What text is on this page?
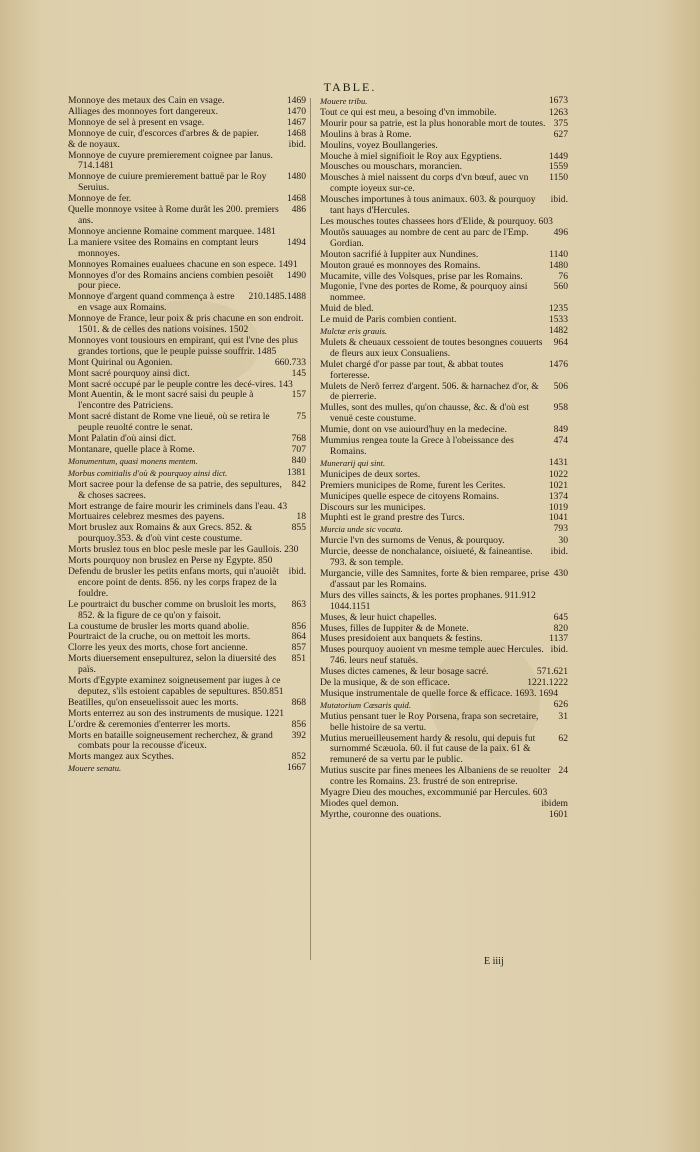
TABLE.
1469
Monnoye des metaux des Cain en vsage.
1470
Alliages des monnoyes fort dangereux.
1467
Monnoye de sel à present en vsage.
1468
Monnoye de cuir, d'escorces d'arbres & de papier.
ibid.
& de noyaux.
Monnoye de cuyure premierement coignee par Ianus. 714.1481
1480
Monnoye de cuiure premierement battuë par le Roy Seruius.
1468
Monnoye de fer.
486
Quelle monnoye vsitee à Rome durãt les 200. premiers ans.
Monnoye ancienne Romaine comment marquee. 1481
1494
La maniere vsitee des Romains en comptant leurs monnoyes.
Monnoyes Romaines eualuees chacune en son espece. 1491
1490
Monnoyes d'or des Romains anciens combien pesoiẽt pour piece.
210.1485.1488
Monnoye d'argent quand commença à estre en vsage aux Romains.
Monnoye de France, leur poix & pris chacune en son endroit. 1501. & de celles des nations voisines. 1502
Monnoyes vont tousiours en empirant, qui est l'vne des plus grandes tortions, que le peuple puisse souffrir. 1485
660.733
Mont Quirinal ou Agonien.
145
Mont sacré pourquoy ainsi dict.
Mont sacré occupé par le peuple contre les decé-vires. 143
157
Mont Auentin, & le mont sacré saisi du peuple à l'encontre des Patriciens.
75
Mont sacré distant de Rome vne lieuë, où se retira le peuple reuolté contre le senat.
768
Mont Palatin d'où ainsi dict.
707
Montanare, quelle place à Rome.
840
Monumentum, quasi monens mentem.
1381
Morbus comitialis d'où & pourquoy ainsi dict.
842
Mort sacree pour la defense de sa patrie, des sepultures, & choses sacrees.
Mort estrange de faire mourir les criminels dans l'eau. 43
18
Mortuaires celebrez mesmes des payens.
855
Mort bruslez aux Romains & aux Grecs. 852. & pourquoy.353. & d'où vint ceste coustume.
Morts bruslez tous en bloc pesle mesle par les Gaullois. 230
Morts pourquoy non bruslez en Perse ny Egypte. 850
ibid.
Defendu de brusler les petits enfans morts, qui n'auoiẽt encore point de dents. 856. ny les corps frapez de la fouldre.
863
Le pourtraict du buscher comme on brusloit les morts, 852. & la figure de ce qu'on y faisoit.
856
La coustume de brusler les morts quand abolie.
864
Pourtraict de la cruche, ou on mettoit les morts.
857
Clorre les yeux des morts, chose fort ancienne.
851
Morts diuersement ensepulturez, selon la diuersité des païs.
Morts d'Egypte examinez soigneusement par iuges à ce deputez, s'ils estoient capables de sepultures. 850.851
868
Beatilles, qu'on enseuelissoit auec les morts.
Morts enterrez au son des instruments de musique. 1221
856
L'ordre & ceremonies d'enterrer les morts.
392
Morts en bataille soigneusement recherchez, & grand combats pour la recousse d'iceux.
852
Morts mangez aux Scythes.
1667
Mouere senatu.
1673
Mouere tribu.
1263
Tout ce qui est meu, a besoing d'vn immobile.
375
Mourir pour sa patrie, est la plus honorable mort de toutes.
627
Moulins à bras à Rome.
Moulins, voyez Boullangeries.
1449
Mouche à miel signifioit le Roy aux Egyptiens.
1559
Mousches ou mouschars, morancien.
1150
Mousches à miel naissent du corps d'vn bœuf, auec vn compte ioyeux sur-ce.
ibid.
Mousches importunes à tous animaux. 603. & pourquoy tant hays d'Hercules.
Les mousches toutes chassees hors d'Elide, & pourquoy. 603
496
Moutõs sauuages au nombre de cent au parc de l'Emp. Gordian.
1140
Mouton sacrifié à Iuppiter aux Nundines.
1480
Mouton graué es monnoyes des Romains.
76
Mucamite, ville des Volsques, prise par les Romains.
560
Mugonie, l'vne des portes de Rome, & pourquoy ainsi nommee.
1235
Muid de bled.
1533
Le muid de Paris combien contient.
1482
Mulctæ eris grauis.
964
Mulets & cheuaux cessoient de toutes besongnes couuerts de fleurs aux ieux Consualiens.
1476
Mulet chargé d'or passe par tout, & abbat toutes forteresse.
506
Mulets de Nerõ ferrez d'argent. 506. & harnachez d'or, & de pierrerie.
958
Mulles, sont des mulles, qu'on chausse, &c. & d'où est venuë ceste coustume.
849
Mumie, dont on vse auiourd'huy en la medecine.
474
Mummius rengea toute la Grece à l'obeissance des Romains.
1431
Munerarij qui sint.
1022
Municipes de deux sortes.
1021
Premiers municipes de Rome, furent les Cerites.
1374
Municipes quelle espece de citoyens Romains.
1019
Discours sur les municipes.
1041
Muphti est le grand prestre des Turcs.
793
Murcia unde sic vocata.
30
Murcie l'vn des surnoms de Venus, & pourquoy.
ibid.
Murcie, deesse de nonchalance, oisiueté, & faineantise. 793. & son temple.
430
Murgancie, ville des Samnites, forte & bien remparee, prise d'assaut par les Romains.
Murs des villes saincts, & les portes prophanes. 911.912 1044.1151
645
Muses, & leur huict chapelles.
820
Muses, filles de Iuppiter & de Monete.
1137
Muses presidoient aux banquets & festins.
ibid.
Muses pourquoy auoient vn mesme temple auec Hercules. 746. leurs neuf statuës.
571.621
Muses dictes camenes, & leur bosage sacré.
1221.1222
De la musique, & de son efficace.
Musique instrumentale de quelle force & efficace. 1693. 1694
626
Mutatorium Cæsaris quid.
31
Mutius pensant tuer le Roy Porsena, frapa son secretaire, belle histoire de sa vertu.
62
Mutius merueilleusement hardy & resolu, qui depuis fut surnommé Scæuola. 60. il fut cause de la paix. 61 & remuneré de sa vertu par le public.
24
Mutius suscite par fines menees les Albaniens de se reuolter contre les Romains. 23. frustré de son entreprise.
Myagre Dieu des mouches, excommunié par Hercules. 603
ibidem
Miodes quel demon.
1601
Myrthe, couronne des ouations.
E iiij
